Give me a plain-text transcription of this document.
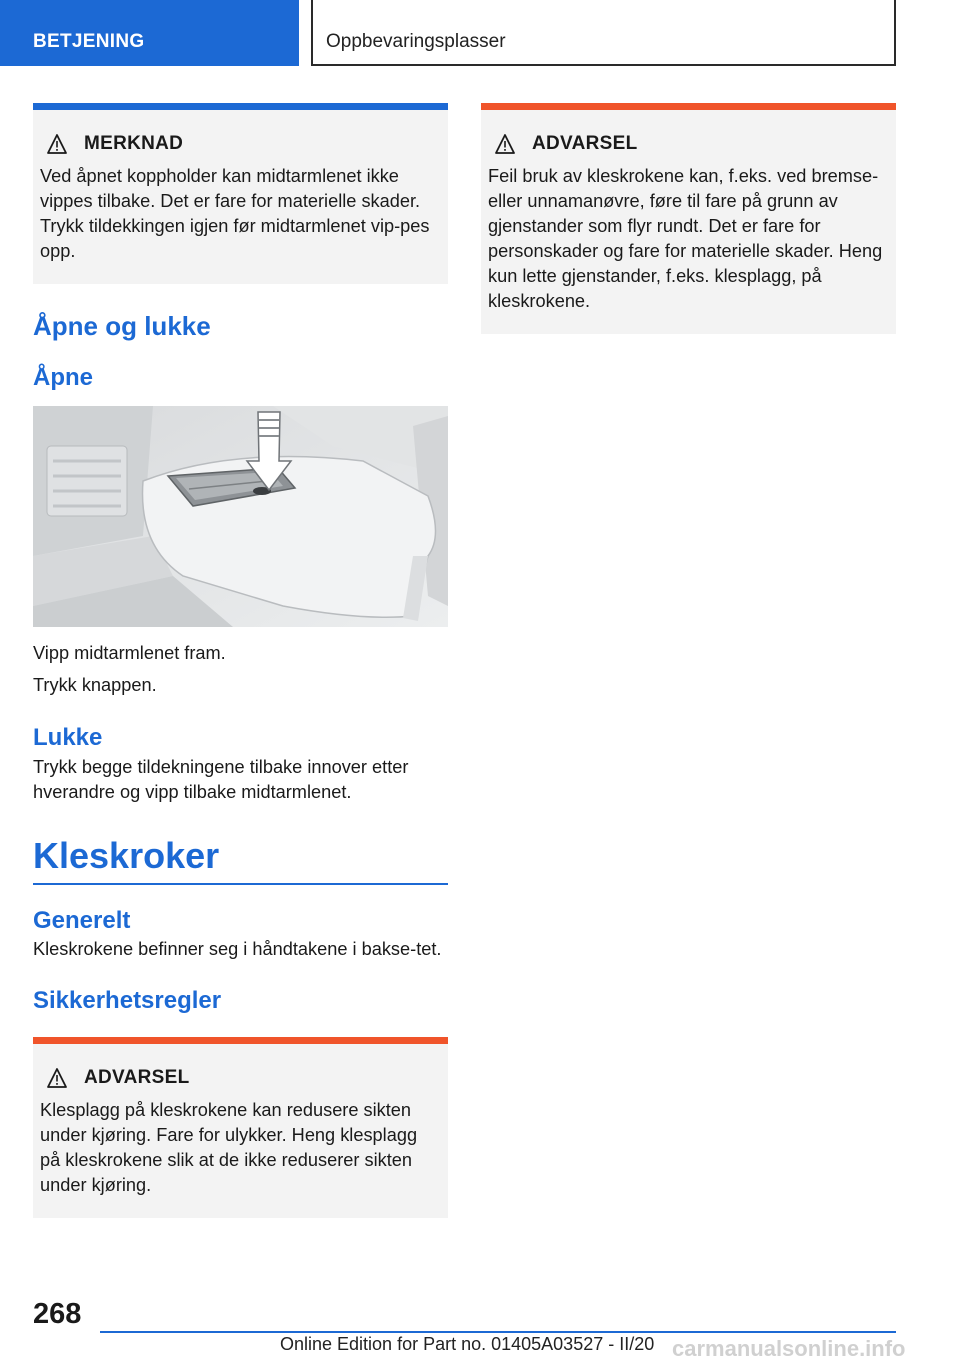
BETJENING	Oppbevaringsplasser
MERKNAD
Ved åpnet koppholder kan midtarmlenet ikke vippes tilbake. Det er fare for materielle skader. Trykk tildekkingen igjen før midtarmlenet vip-pes opp.
Åpne og lukke
Åpne
Vipp midtarmlenet fram.
Trykk knappen.
Lukke
Trykk begge tildekningene tilbake innover etter hverandre og vipp tilbake midtarmlenet.
Kleskroker
Generelt
Kleskrokene befinner seg i håndtakene i bakse-tet.
Sikkerhetsregler
ADVARSEL
Klesplagg på kleskrokene kan redusere sikten under kjøring. Fare for ulykker. Heng klesplagg på kleskrokene slik at de ikke reduserer sikten under kjøring.
ADVARSEL
Feil bruk av kleskrokene kan, f.eks. ved bremse- eller unnamanøvre, føre til fare på grunn av gjenstander som flyr rundt. Det er fare for personskader og fare for materielle skader. Heng kun lette gjenstander, f.eks. klesplagg, på kleskrokene.
268
Online Edition for Part no. 01405A03527 - II/20 carmanualsonline.info
